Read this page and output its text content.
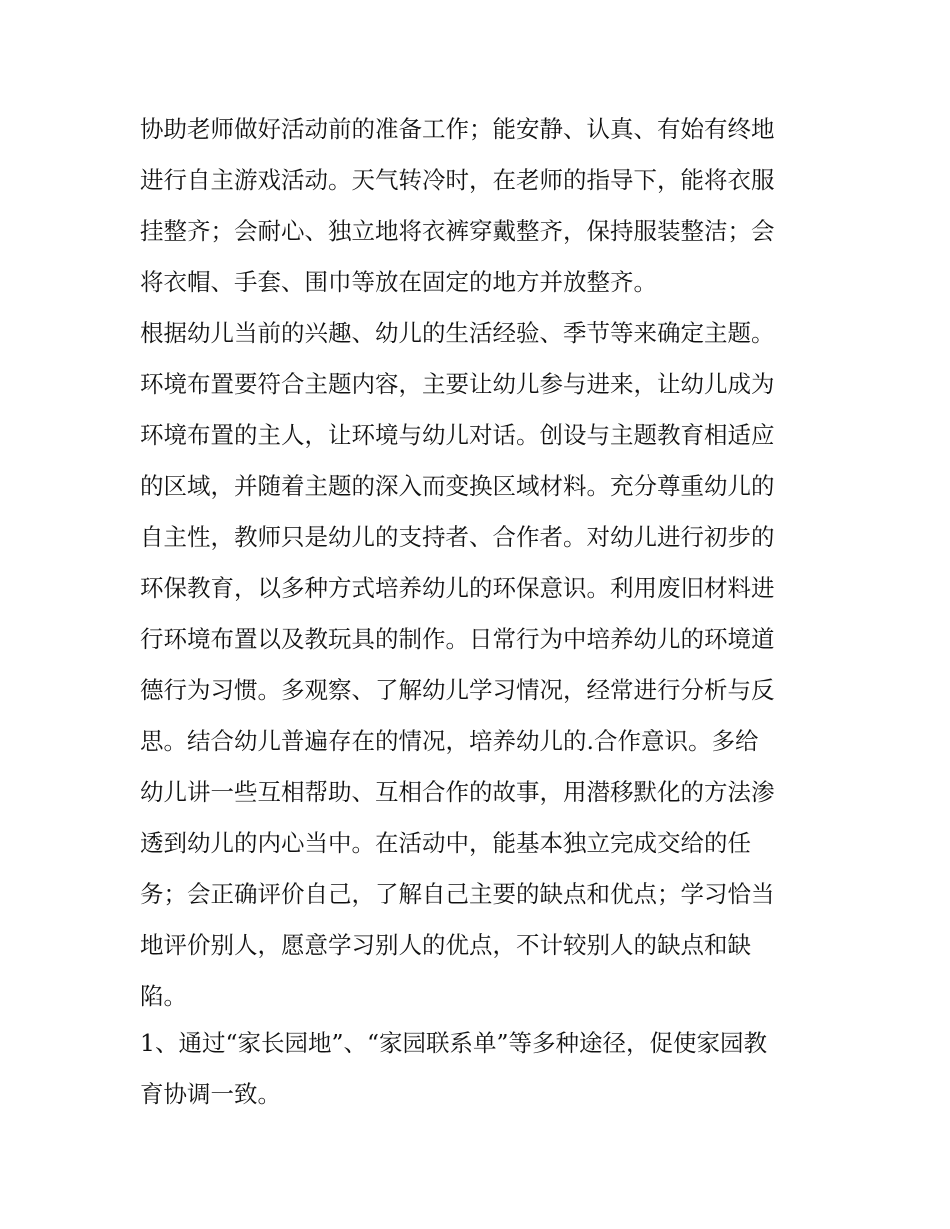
协助老师做好活动前的准备工作；能安静、认真、有始有终地
进行自主游戏活动。天气转冷时，在老师的指导下，能将衣服
挂整齐；会耐心、独立地将衣裤穿戴整齐，保持服装整洁；会
将衣帽、手套、围巾等放在固定的地方并放整齐。

根据幼儿当前的兴趣、幼儿的生活经验、季节等来确定主题。
环境布置要符合主题内容，主要让幼儿参与进来，让幼儿成为
环境布置的主人，让环境与幼儿对话。创设与主题教育相适应
的区域，并随着主题的深入而变换区域材料。充分尊重幼儿的
自主性，教师只是幼儿的支持者、合作者。对幼儿进行初步的
环保教育，以多种方式培养幼儿的环保意识。利用废旧材料进
行环境布置以及教玩具的制作。日常行为中培养幼儿的环境道
德行为习惯。多观察、了解幼儿学习情况，经常进行分析与反
思。结合幼儿普遍存在的情况，培养幼儿的.合作意识。多给
幼儿讲一些互相帮助、互相合作的故事，用潜移默化的方法渗
透到幼儿的内心当中。在活动中，能基本独立完成交给的任
务；会正确评价自己，了解自己主要的缺点和优点；学习恰当
地评价别人，愿意学习别人的优点，不计较别人的缺点和缺
陷。

1、通过“家长园地”、“家园联系单”等多种途径，促使家园教
育协调一致。
